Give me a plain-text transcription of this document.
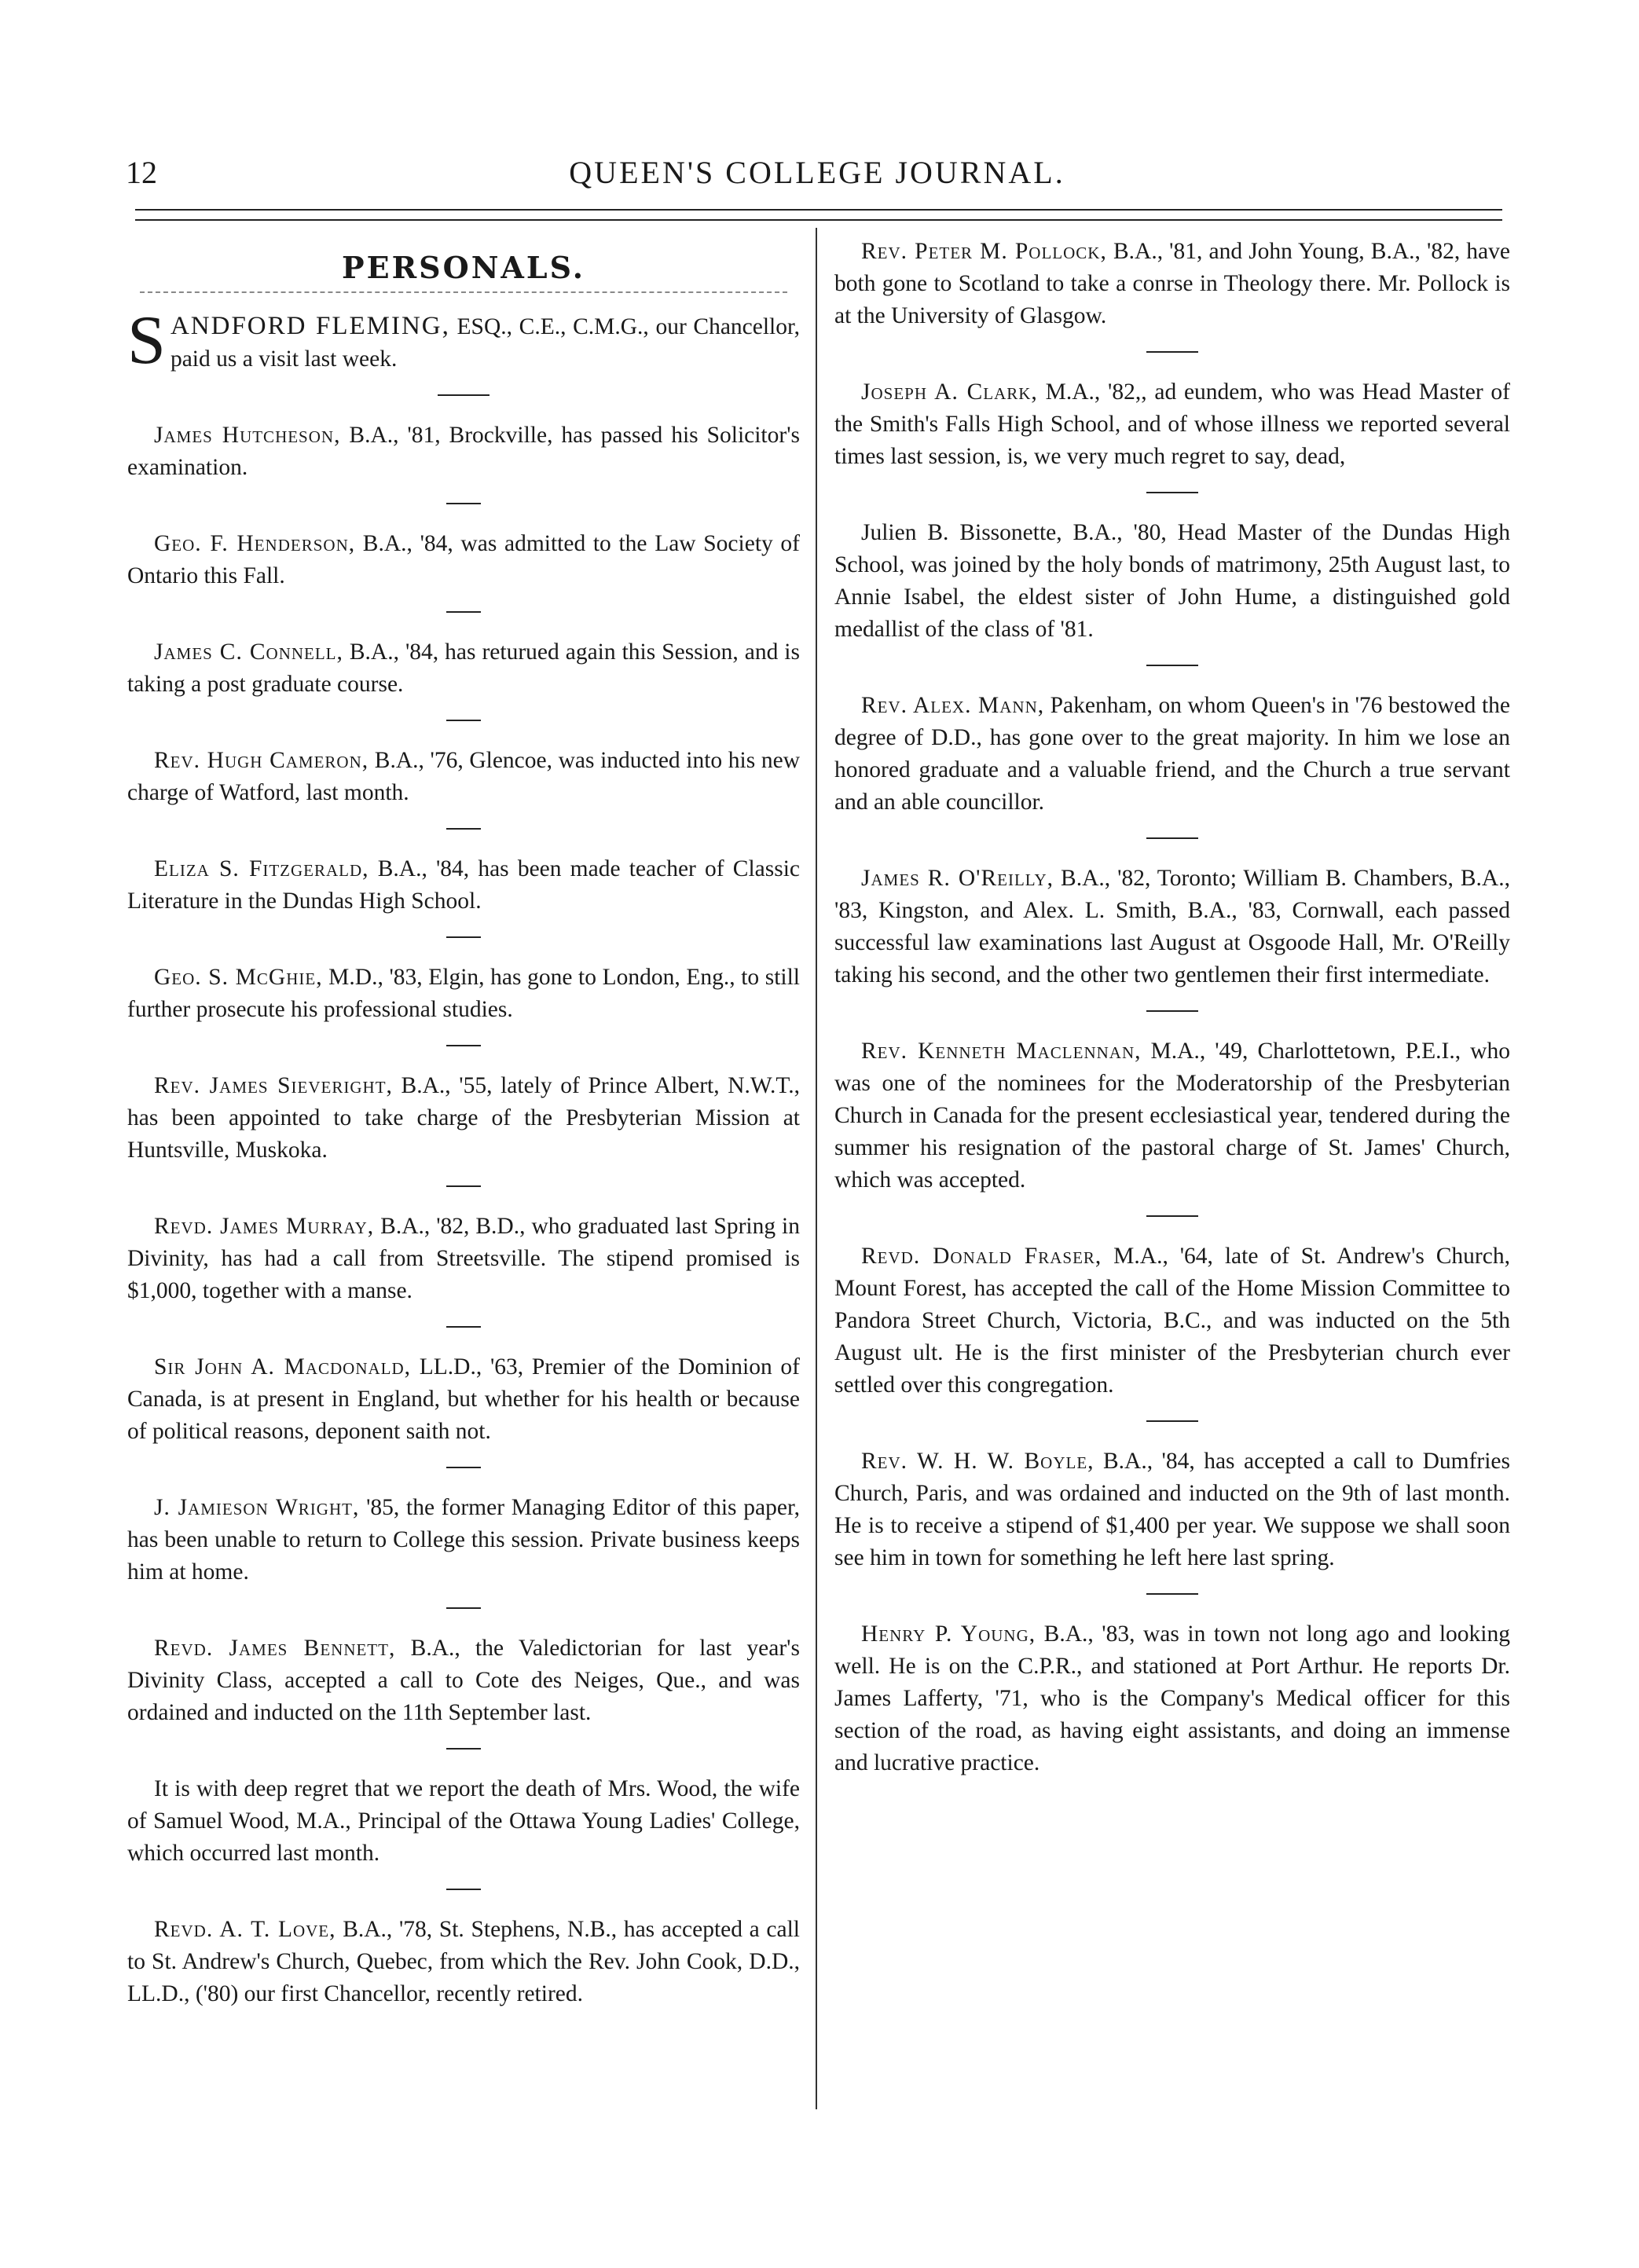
12	QUEEN'S COLLEGE JOURNAL.
PERSONALS.

SANDFORD FLEMING, ESQ., C.E., C.M.G., our Chancellor, paid us a visit last week.

James Hutcheson, B.A., '81, Brockville, has passed his Solicitor's examination.

Geo. F. Henderson, B.A., '84, was admitted to the Law Society of Ontario this Fall.

James C. Connell, B.A., '84, has returued again this Session, and is taking a post graduate course.

Rev. Hugh Cameron, B.A., '76, Glencoe, was inducted into his new charge of Watford, last month.

Eliza S. Fitzgerald, B.A., '84, has been made teacher of Classic Literature in the Dundas High School.

Geo. S. McGhie, M.D., '83, Elgin, has gone to London, Eng., to still further prosecute his professional studies.

Rev. James Sieveright, B.A., '55, lately of Prince Albert, N.W.T., has been appointed to take charge of the Presbyterian Mission at Huntsville, Muskoka.

Revd. James Murray, B.A., '82, B.D., who graduated last Spring in Divinity, has had a call from Streetsville. The stipend promised is $1,000, together with a manse.

Sir John A. Macdonald, LL.D., '63, Premier of the Dominion of Canada, is at present in England, but whether for his health or because of political reasons, deponent saith not.

J. Jamieson Wright, '85, the former Managing Editor of this paper, has been unable to return to College this session. Private business keeps him at home.

Revd. James Bennett, B.A., the Valedictorian for last year's Divinity Class, accepted a call to Cote des Neiges, Que., and was ordained and inducted on the 11th September last.

It is with deep regret that we report the death of Mrs. Wood, the wife of Samuel Wood, M.A., Principal of the Ottawa Young Ladies' College, which occurred last month.

Revd. A. T. Love, B.A., '78, St. Stephens, N.B., has accepted a call to St. Andrew's Church, Quebec, from which the Rev. John Cook, D.D., LL.D., ('80) our first Chancellor, recently retired.

Rev. Peter M. Pollock, B.A., '81, and John Young, B.A., '82, have both gone to Scotland to take a conrse in Theology there. Mr. Pollock is at the University of Glasgow.

Joseph A. Clark, M.A., '82,, ad eundem, who was Head Master of the Smith's Falls High School, and of whose illness we reported several times last session, is, we very much regret to say, dead,

Julien B. Bissonette, B.A., '80, Head Master of the Dundas High School, was joined by the holy bonds of matrimony, 25th August last, to Annie Isabel, the eldest sister of John Hume, a distinguished gold medallist of the class of '81.

Rev. Alex. Mann, Pakenham, on whom Queen's in '76 bestowed the degree of D.D., has gone over to the great majority. In him we lose an honored graduate and a valuable friend, and the Church a true servant and an able councillor.

James R. O'Reilly, B.A., '82, Toronto; William B. Chambers, B.A., '83, Kingston, and Alex. L. Smith, B.A., '83, Cornwall, each passed successful law examinations last August at Osgoode Hall, Mr. O'Reilly taking his second, and the other two gentlemen their first intermediate.

Rev. Kenneth Maclennan, M.A., '49, Charlottetown, P.E.I., who was one of the nominees for the Moderatorship of the Presbyterian Church in Canada for the present ecclesiastical year, tendered during the summer his resignation of the pastoral charge of St. James' Church, which was accepted.

Revd. Donald Fraser, M.A., '64, late of St. Andrew's Church, Mount Forest, has accepted the call of the Home Mission Committee to Pandora Street Church, Victoria, B.C., and was inducted on the 5th August ult. He is the first minister of the Presbyterian church ever settled over this congregation.

Rev. W. H. W. Boyle, B.A., '84, has accepted a call to Dumfries Church, Paris, and was ordained and inducted on the 9th of last month. He is to receive a stipend of $1,400 per year. We suppose we shall soon see him in town for something he left here last spring.

Henry P. Young, B.A., '83, was in town not long ago and looking well. He is on the C.P.R., and stationed at Port Arthur. He reports Dr. James Lafferty, '71, who is the Company's Medical officer for this section of the road, as having eight assistants, and doing an immense and lucrative practice.
